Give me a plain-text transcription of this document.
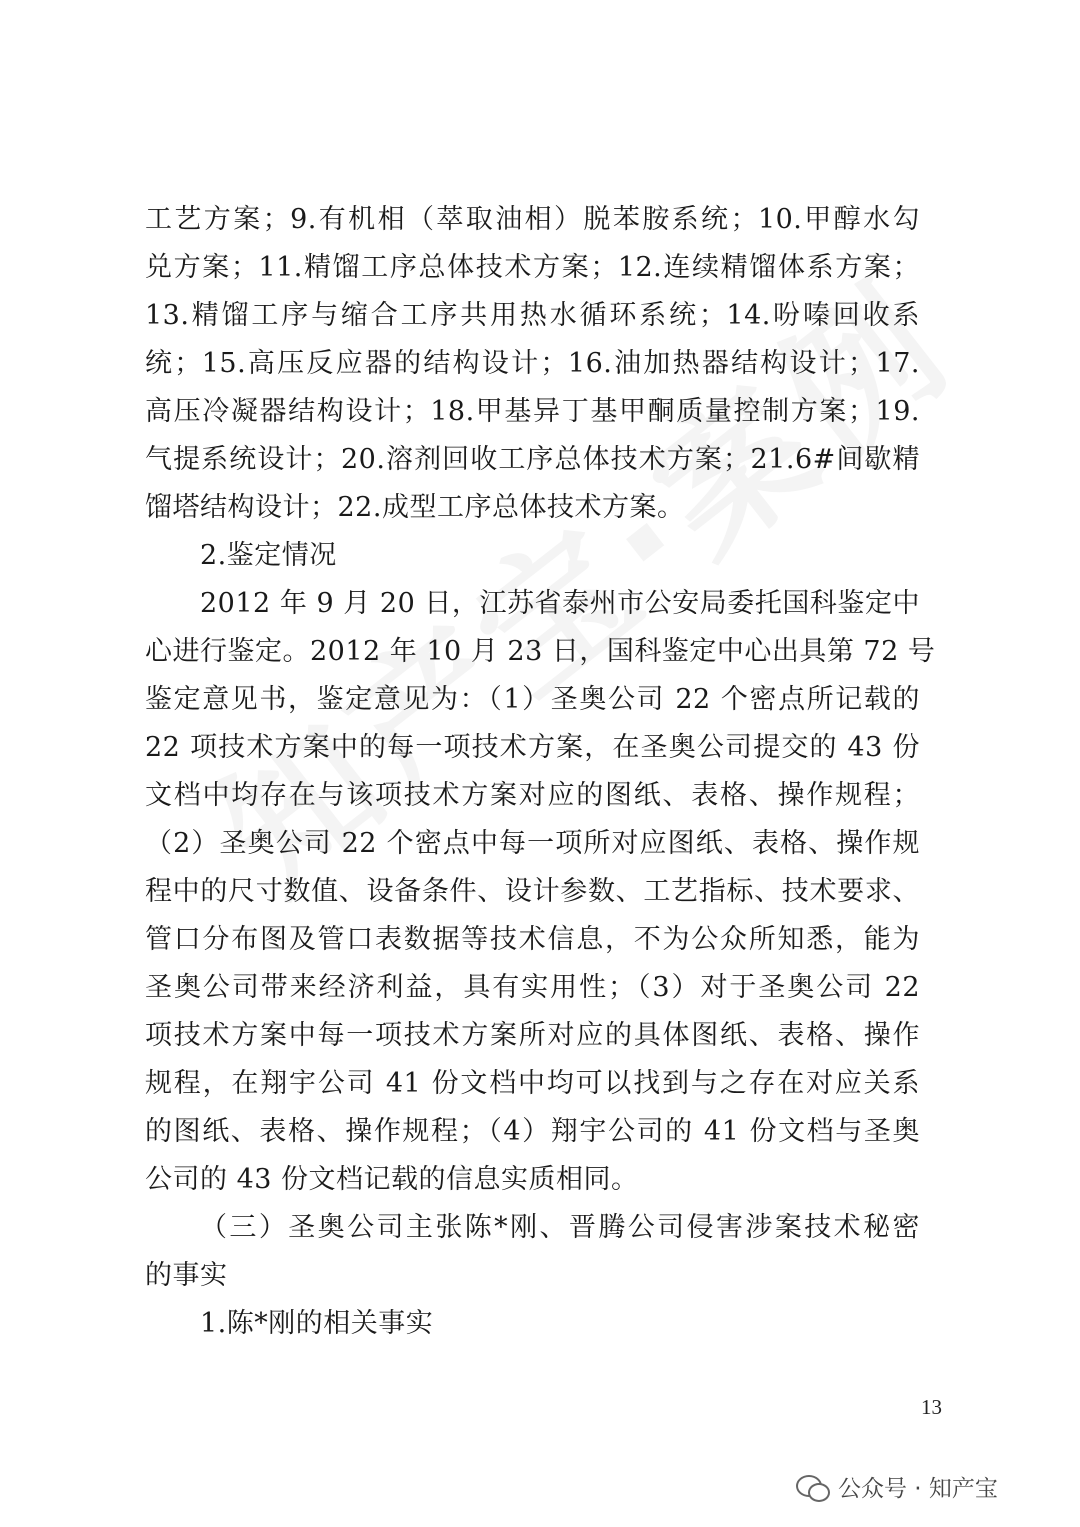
工艺方案；9.有机相（萃取油相）脱苯胺系统；10.甲醇水勾
兑方案；11.精馏工序总体技术方案；12.连续精馏体系方案；
13.精馏工序与缩合工序共用热水循环系统；14.吩嗪回收系
统；15.高压反应器的结构设计；16.油加热器结构设计；17.
高压冷凝器结构设计；18.甲基异丁基甲酮质量控制方案；19.
气提系统设计；20.溶剂回收工序总体技术方案；21.6#间歇精
馏塔结构设计；22.成型工序总体技术方案。
2.鉴定情况
2012 年 9 月 20 日，江苏省泰州市公安局委托国科鉴定中
心进行鉴定。2012 年 10 月 23 日，国科鉴定中心出具第 72 号
鉴定意见书，鉴定意见为：（1）圣奥公司 22 个密点所记载的
22 项技术方案中的每一项技术方案，在圣奥公司提交的 43 份
文档中均存在与该项技术方案对应的图纸、表格、操作规程；
（2）圣奥公司 22 个密点中每一项所对应图纸、表格、操作规
程中的尺寸数值、设备条件、设计参数、工艺指标、技术要求、
管口分布图及管口表数据等技术信息，不为公众所知悉，能为
圣奥公司带来经济利益，具有实用性；（3）对于圣奥公司 22
项技术方案中每一项技术方案所对应的具体图纸、表格、操作
规程，在翔宇公司 41 份文档中均可以找到与之存在对应关系
的图纸、表格、操作规程；（4）翔宇公司的 41 份文档与圣奥
公司的 43 份文档记载的信息实质相同。
（三）圣奥公司主张陈*刚、晋腾公司侵害涉案技术秘密
的事实
1.陈*刚的相关事实
13
公众号 · 知产宝
